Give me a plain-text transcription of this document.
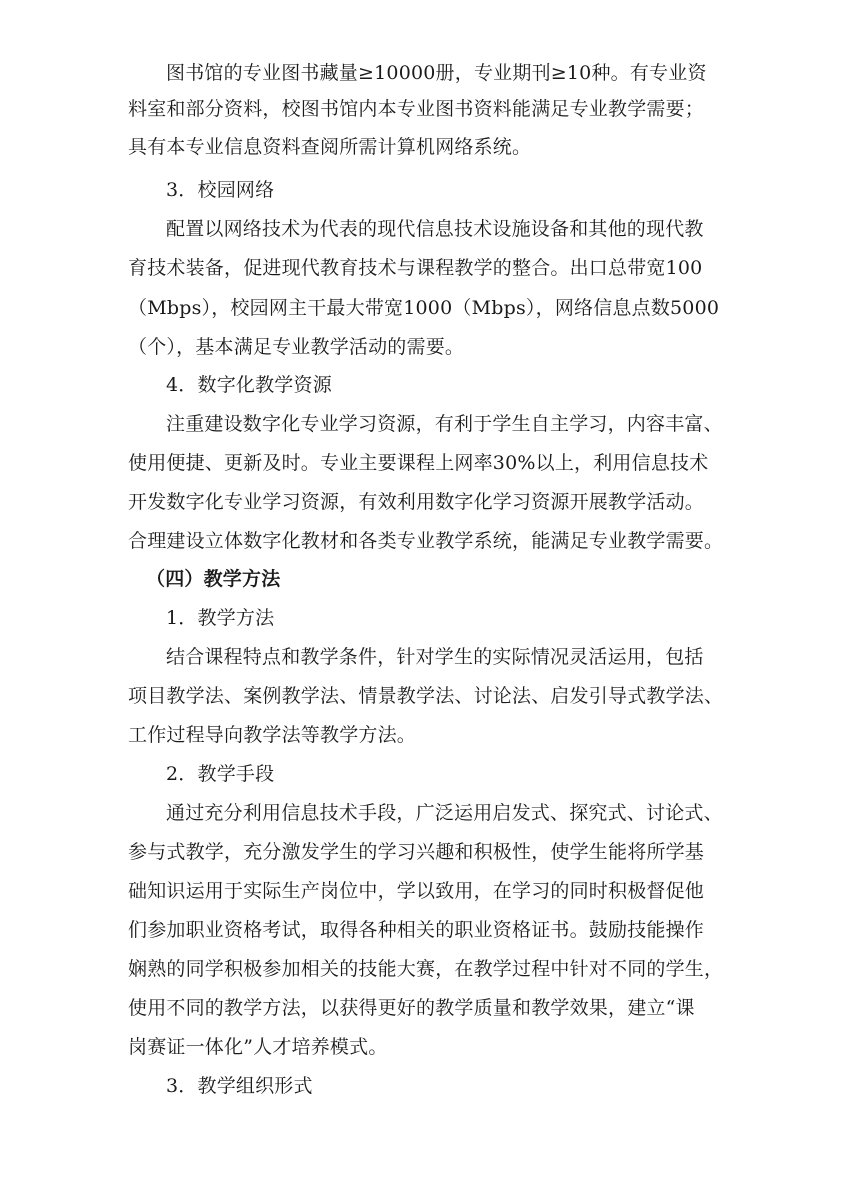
图书馆的专业图书藏量≥10000册，专业期刊≥10种。有专业资
料室和部分资料，校图书馆内本专业图书资料能满足专业教学需要；
具有本专业信息资料查阅所需计算机网络系统。
3．校园网络
配置以网络技术为代表的现代信息技术设施设备和其他的现代教
育技术装备，促进现代教育技术与课程教学的整合。出口总带宽100
（Mbps），校园网主干最大带宽1000（Mbps），网络信息点数5000
（个），基本满足专业教学活动的需要。
4．数字化教学资源
注重建设数字化专业学习资源，有利于学生自主学习，内容丰富、
使用便捷、更新及时。专业主要课程上网率30%以上，利用信息技术
开发数字化专业学习资源，有效利用数字化学习资源开展教学活动。
合理建设立体数字化教材和各类专业教学系统，能满足专业教学需要。
（四）教学方法
1．教学方法
结合课程特点和教学条件，针对学生的实际情况灵活运用，包括
项目教学法、案例教学法、情景教学法、讨论法、启发引导式教学法、
工作过程导向教学法等教学方法。
2．教学手段
通过充分利用信息技术手段，广泛运用启发式、探究式、讨论式、
参与式教学，充分激发学生的学习兴趣和积极性，使学生能将所学基
础知识运用于实际生产岗位中，学以致用，在学习的同时积极督促他
们参加职业资格考试，取得各种相关的职业资格证书。鼓励技能操作
娴熟的同学积极参加相关的技能大赛，在教学过程中针对不同的学生，
使用不同的教学方法，以获得更好的教学质量和教学效果，建立“课
岗赛证一体化”人才培养模式。
3．教学组织形式
